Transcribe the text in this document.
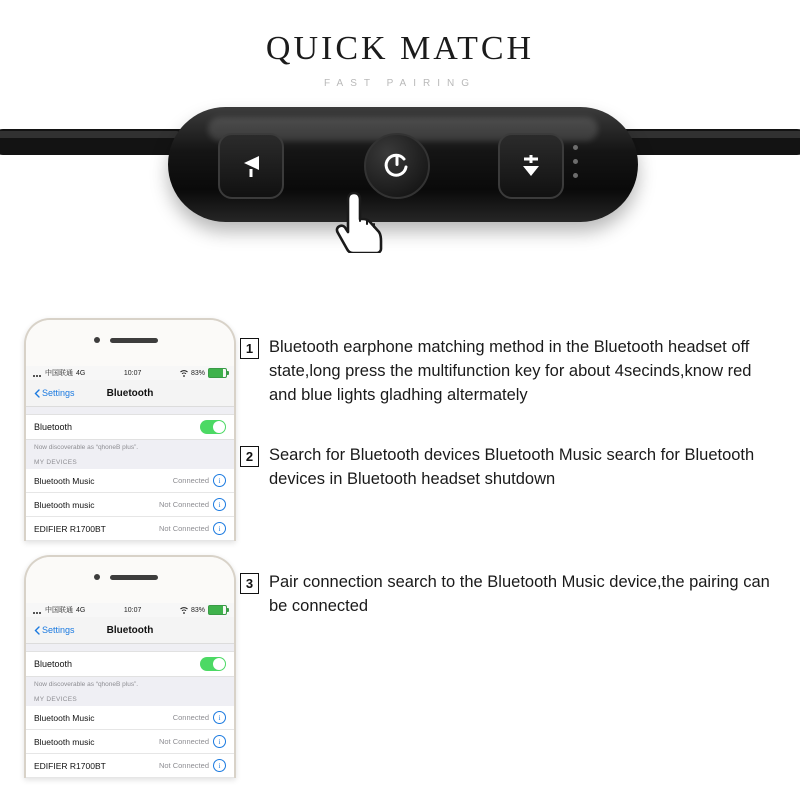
QUICK MATCH
FAST PAIRING
中国联通 4G	10:07	83%
Settings	Bluetooth
Bluetooth
Now discoverable as “qhoneB plus”.
MY DEVICES
Bluetooth Music	Connected	i
Bluetooth music	Not Connected	i
EDIFIER R1700BT	Not Connected	i
1 Bluetooth earphone matching method in the Bluetooth headset off state,long press the multifunction key for about 4secinds,know red and blue lights gladhing altermately
2 Search for Bluetooth devices Bluetooth Music search for Bluetooth devices in Bluetooth headset shutdown
中国联通 4G	10:07	83%
Settings	Bluetooth
Bluetooth
Now discoverable as “qhoneB plus”.
MY DEVICES
Bluetooth Music	Connected	i
Bluetooth music	Not Connected	i
EDIFIER R1700BT	Not Connected	i
3 Pair connection search to the Bluetooth Music device,the pairing can be connected
